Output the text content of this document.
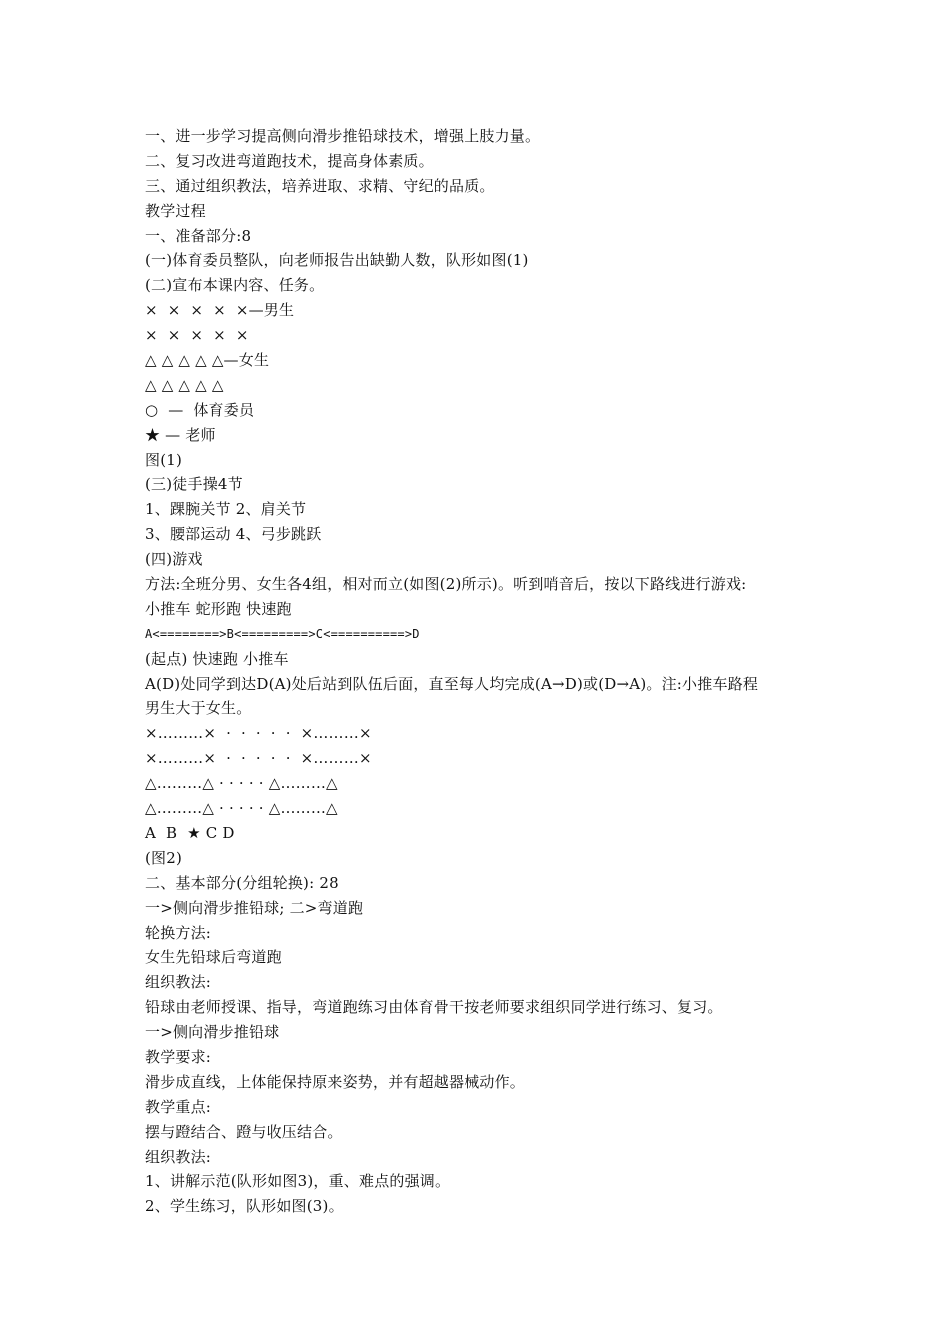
一、进一步学习提高侧向滑步推铅球技术，增强上肢力量。
二、复习改进弯道跑技术，提高身体素质。
三、通过组织教法，培养进取、求精、守纪的品质。
教学过程
一、准备部分:8
(一)体育委员整队，向老师报告出缺勤人数，队形如图(1)
(二)宣布本课内容、任务。
×  ×  ×  ×  ×—男生
×  ×  ×  ×  ×
△ △ △ △ △—女生
△ △ △ △ △
○  —  体育委员
★ — 老师
图(1)
(三)徒手操4节
1、踝腕关节 2、肩关节
3、腰部运动 4、弓步跳跃
(四)游戏
方法:全班分男、女生各4组，相对而立(如图(2)所示)。听到哨音后，按以下路线进行游戏:
小推车 蛇形跑 快速跑
A<========>B<=========>C<==========>D
(起点) 快速跑 小推车
A(D)处同学到达D(A)处后站到队伍后面，直至每人均完成(A→D)或(D→A)。注:小推车路程
男生大于女生。
×………×  ·  ·  ·  ·  ·  ×………×
×………×  ·  ·  ·  ·  ·  ×………×
△………△ · · · · · △………△
△………△ · · · · · △………△
A  B  ★ C D
(图2)
二、基本部分(分组轮换): 28
一>侧向滑步推铅球; 二>弯道跑
轮换方法:
女生先铅球后弯道跑
组织教法:
铅球由老师授课、指导，弯道跑练习由体育骨干按老师要求组织同学进行练习、复习。
一>侧向滑步推铅球
教学要求:
滑步成直线，上体能保持原来姿势，并有超越器械动作。
教学重点:
摆与蹬结合、蹬与收压结合。
组织教法:
1、讲解示范(队形如图3)，重、难点的强调。
2、学生练习，队形如图(3)。
